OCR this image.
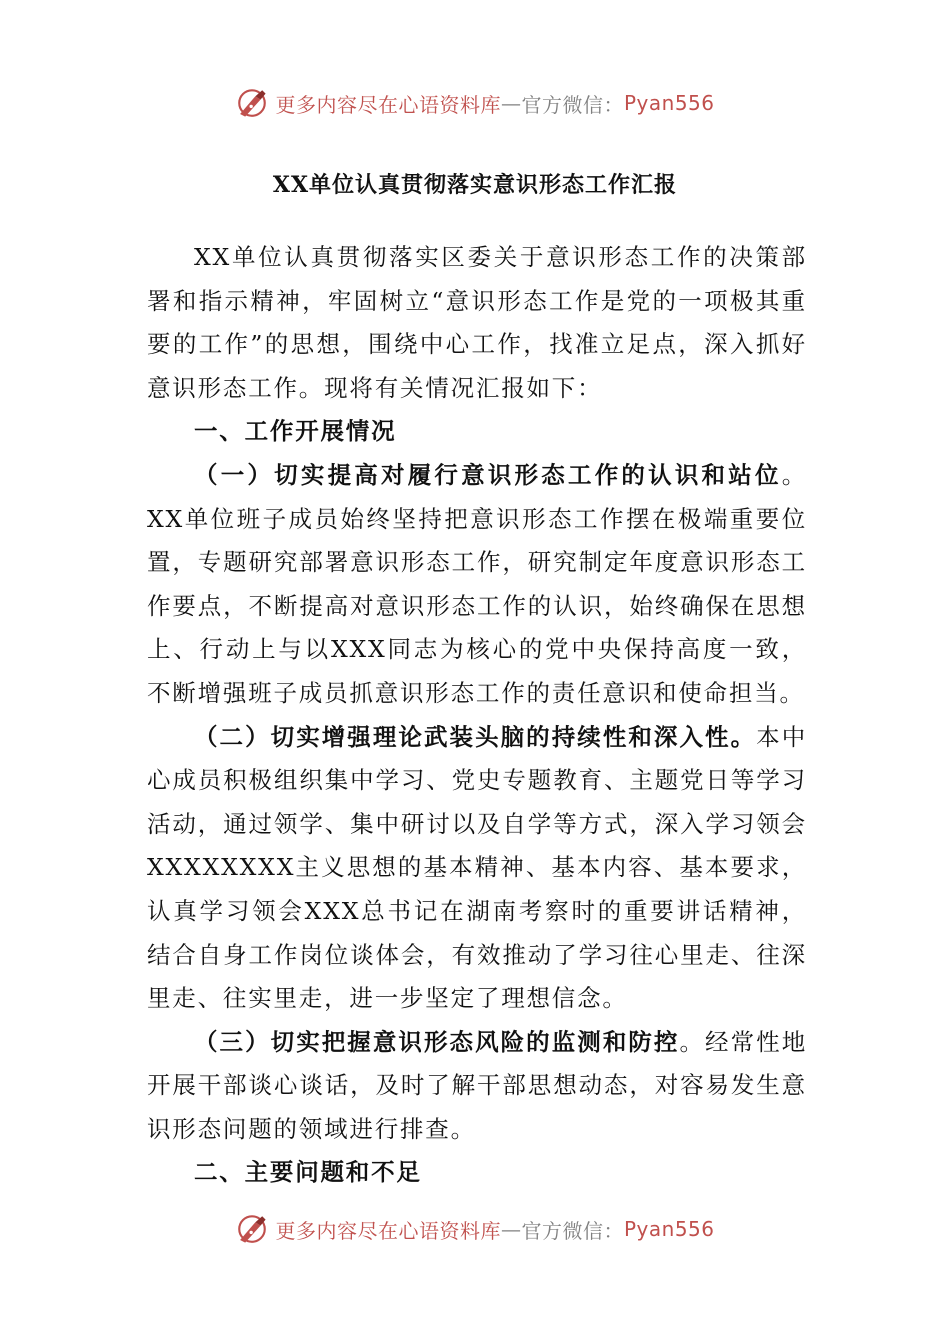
更多内容尽在心语资料库 — 官方微信： Pyan556
XX单位认真贯彻落实意识形态工作汇报

XX单位认真贯彻落实区委关于意识形态工作的决策部署和指示精神，牢固树立“意识形态工作是党的一项极其重要的工作”的思想，围绕中心工作，找准立足点，深入抓好意识形态工作。现将有关情况汇报如下：

一、工作开展情况

（一）切实提高对履行意识形态工作的认识和站位。XX单位班子成员始终坚持把意识形态工作摆在极端重要位置，专题研究部署意识形态工作，研究制定年度意识形态工作要点，不断提高对意识形态工作的认识，始终确保在思想上、行动上与以XXX同志为核心的党中央保持高度一致，不断增强班子成员抓意识形态工作的责任意识和使命担当。

（二）切实增强理论武装头脑的持续性和深入性。本中心成员积极组织集中学习、党史专题教育、主题党日等学习活动，通过领学、集中研讨以及自学等方式，深入学习领会XXXXXXXX主义思想的基本精神、基本内容、基本要求，认真学习领会XXX总书记在湖南考察时的重要讲话精神，结合自身工作岗位谈体会，有效推动了学习往心里走、往深里走、往实里走，进一步坚定了理想信念。

（三）切实把握意识形态风险的监测和防控。经常性地开展干部谈心谈话，及时了解干部思想动态，对容易发生意识形态问题的领域进行排查。

二、主要问题和不足

更多内容尽在心语资料库 — 官方微信： Pyan556
